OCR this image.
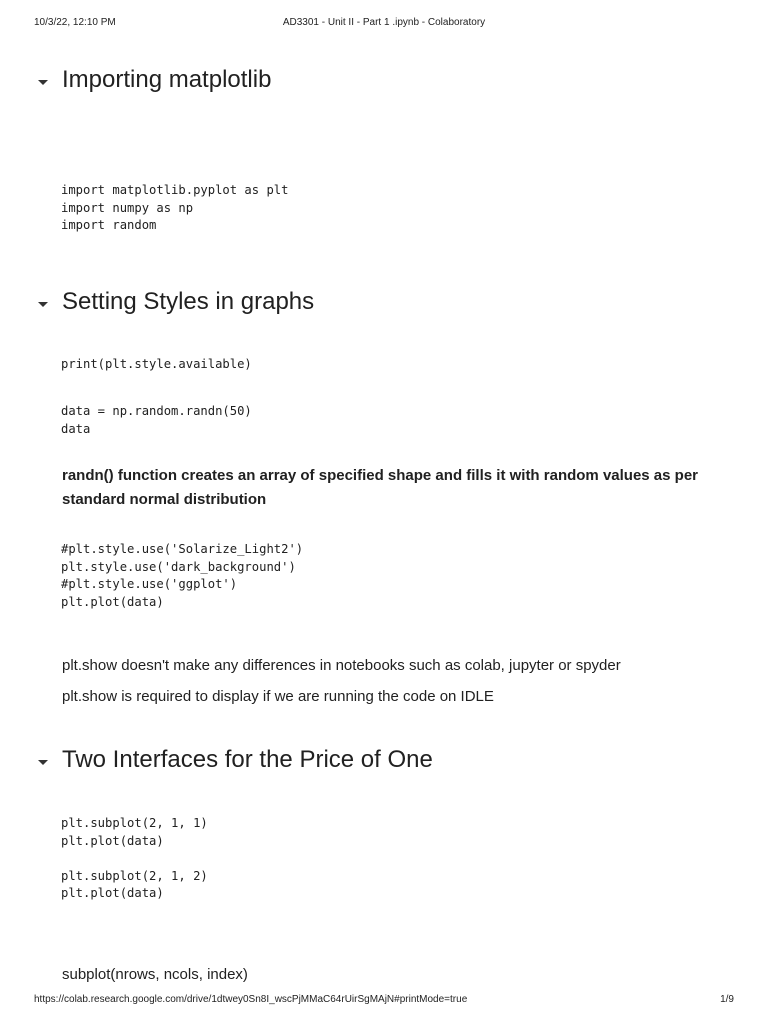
10/3/22, 12:10 PM	AD3301 - Unit II - Part 1 .ipynb - Colaboratory
Importing matplotlib
import matplotlib.pyplot as plt
import numpy as np
import random
Setting Styles in graphs
print(plt.style.available)
data = np.random.randn(50)
data
randn() function creates an array of specified shape and fills it with random values as per standard normal distribution
#plt.style.use('Solarize_Light2')
plt.style.use('dark_background')
#plt.style.use('ggplot')
plt.plot(data)
plt.show doesn't make any differences in notebooks such as colab, jupyter or spyder
plt.show is required to display if we are running the code on IDLE
Two Interfaces for the Price of One
plt.subplot(2, 1, 1)
plt.plot(data)
plt.subplot(2, 1, 2)
plt.plot(data)
subplot(nrows, ncols, index)
https://colab.research.google.com/drive/1dtwey0Sn8I_wscPjMMaC64rUirSgMAjN#printMode=true	1/9
